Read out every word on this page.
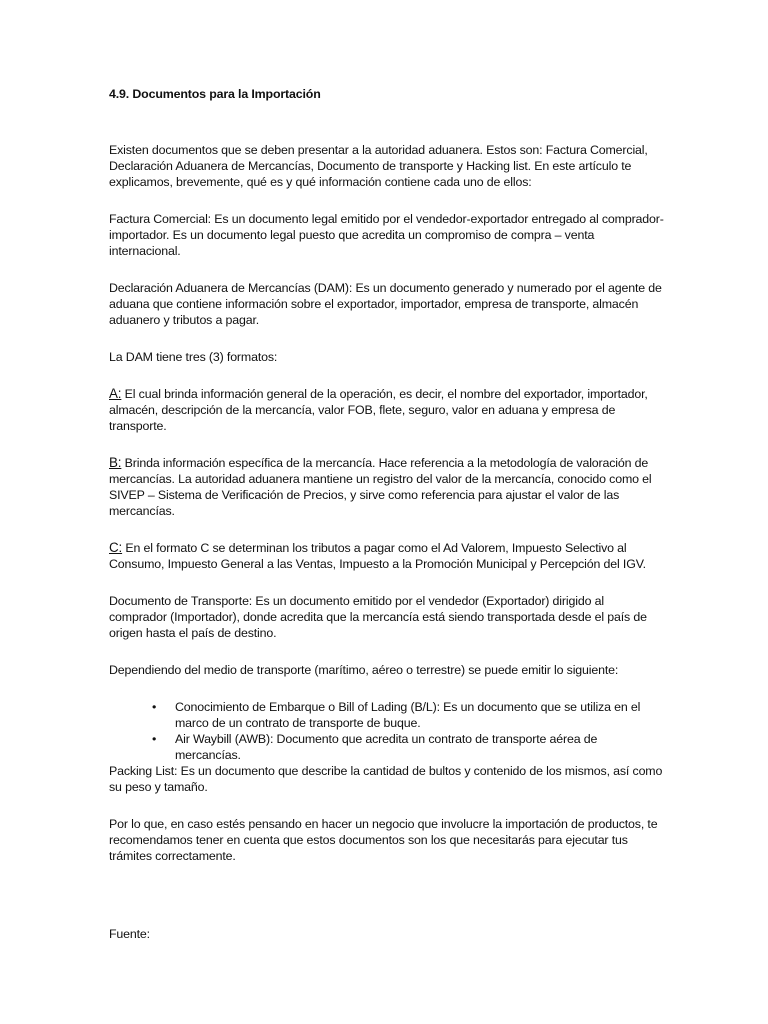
4.9. Documentos para la Importación

Existen documentos que se deben presentar a la autoridad aduanera. Estos son: Factura Comercial, Declaración Aduanera de Mercancías, Documento de transporte y Hacking list. En este artículo te explicamos, brevemente, qué es y qué información contiene cada uno de ellos:

Factura Comercial: Es un documento legal emitido por el vendedor-exportador entregado al comprador-importador. Es un documento legal puesto que acredita un compromiso de compra – venta internacional.

Declaración Aduanera de Mercancías (DAM): Es un documento generado y numerado por el agente de aduana que contiene información sobre el exportador, importador, empresa de transporte, almacén aduanero y tributos a pagar.

La DAM tiene tres (3) formatos:

A: El cual brinda información general de la operación, es decir, el nombre del exportador, importador, almacén, descripción de la mercancía, valor FOB, flete, seguro, valor en aduana y empresa de transporte.

B: Brinda información específica de la mercancía. Hace referencia a la metodología de valoración de mercancías. La autoridad aduanera mantiene un registro del valor de la mercancía, conocido como el SIVEP – Sistema de Verificación de Precios, y sirve como referencia para ajustar el valor de las mercancías.

C: En el formato C se determinan los tributos a pagar como el Ad Valorem, Impuesto Selectivo al Consumo, Impuesto General a las Ventas, Impuesto a la Promoción Municipal y Percepción del IGV.

Documento de Transporte: Es un documento emitido por el vendedor (Exportador) dirigido al comprador (Importador), donde acredita que la mercancía está siendo transportada desde el país de origen hasta el país de destino.

Dependiendo del medio de transporte (marítimo, aéreo o terrestre) se puede emitir lo siguiente:

• Conocimiento de Embarque o Bill of Lading (B/L): Es un documento que se utiliza en el marco de un contrato de transporte de buque.
• Air Waybill (AWB): Documento que acredita un contrato de transporte aérea de mercancías.

Packing List: Es un documento que describe la cantidad de bultos y contenido de los mismos, así como su peso y tamaño.

Por lo que, en caso estés pensando en hacer un negocio que involucre la importación de productos, te recomendamos tener en cuenta que estos documentos son los que necesitarás para ejecutar tus trámites correctamente.

Fuente:
